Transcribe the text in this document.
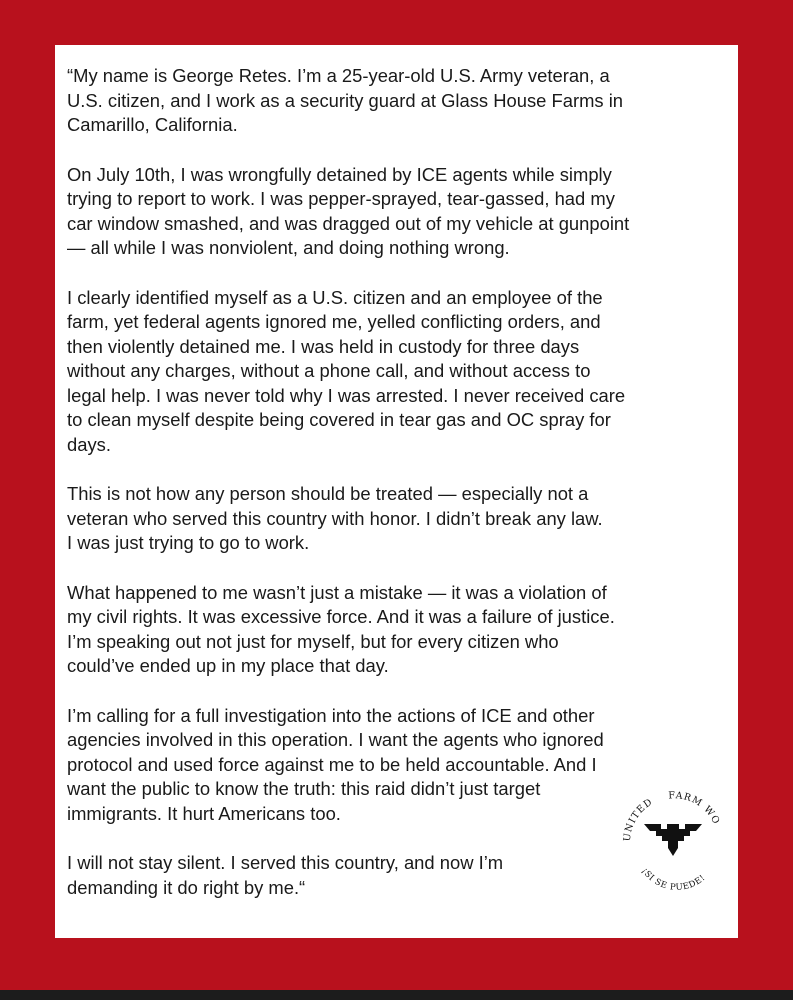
“My name is George Retes. I’m a 25-year-old U.S. Army veteran, a
U.S. citizen, and I work as a security guard at Glass House Farms in
Camarillo, California.

On July 10th, I was wrongfully detained by ICE agents while simply
trying to report to work. I was pepper-sprayed, tear-gassed, had my
car window smashed, and was dragged out of my vehicle at gunpoint
— all while I was nonviolent, and doing nothing wrong.

I clearly identified myself as a U.S. citizen and an employee of the
farm, yet federal agents ignored me, yelled conflicting orders, and
then violently detained me. I was held in custody for three days
without any charges, without a phone call, and without access to
legal help. I was never told why I was arrested. I never received care
to clean myself despite being covered in tear gas and OC spray for
days.

This is not how any person should be treated — especially not a
veteran who served this country with honor. I didn’t break any law.
I was just trying to go to work.

What happened to me wasn’t just a mistake — it was a violation of
my civil rights. It was excessive force. And it was a failure of justice.
I’m speaking out not just for myself, but for every citizen who
could’ve ended up in my place that day.

I’m calling for a full investigation into the actions of ICE and other
agencies involved in this operation. I want the agents who ignored
protocol and used force against me to be held accountable. And I
want the public to know the truth: this raid didn’t just target
immigrants. It hurt Americans too.

I will not stay silent. I served this country, and now I’m
demanding it do right by me.“

UNITED
FARM WO
¡SI SE PUEDE!
